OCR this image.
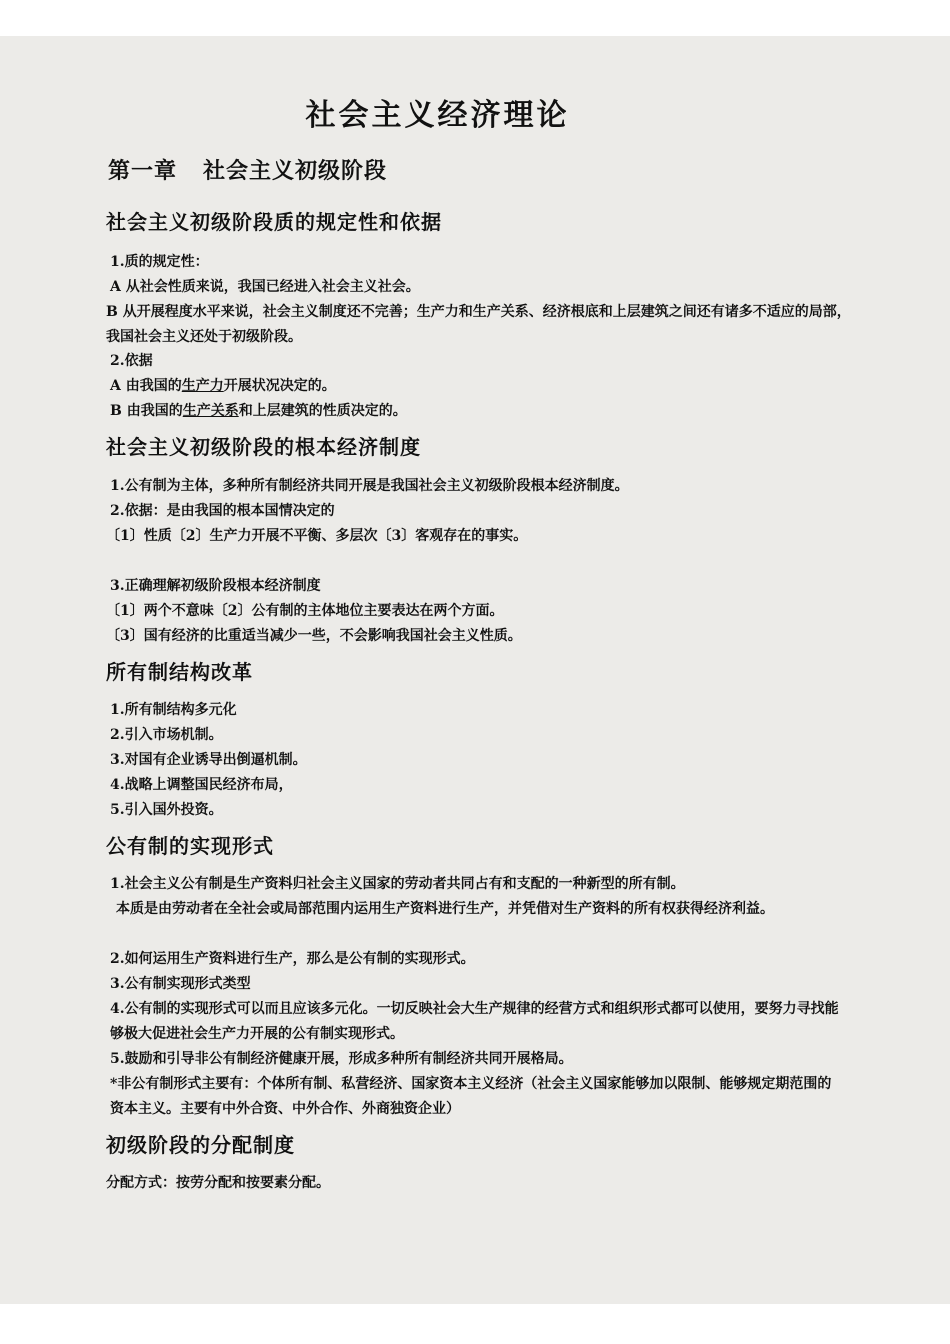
社会主义经济理论
第一章 社会主义初级阶段
社会主义初级阶段质的规定性和依据
1.质的规定性：
A 从社会性质来说，我国已经进入社会主义社会。
B 从开展程度水平来说，社会主义制度还不完善；生产力和生产关系、经济根底和上层建筑之间还有诸多不适应的局部，我国社会主义还处于初级阶段。
2.依据
A 由我国的生产力开展状况决定的。
B 由我国的生产关系和上层建筑的性质决定的。
社会主义初级阶段的根本经济制度
1.公有制为主体，多种所有制经济共同开展是我国社会主义初级阶段根本经济制度。
2.依据：是由我国的根本国情决定的
〔1〕性质〔2〕生产力开展不平衡、多层次〔3〕客观存在的事实。
3.正确理解初级阶段根本经济制度
〔1〕两个不意味〔2〕公有制的主体地位主要表达在两个方面。
〔3〕国有经济的比重适当减少一些，不会影响我国社会主义性质。
所有制结构改革
1.所有制结构多元化
2.引入市场机制。
3.对国有企业诱导出倒逼机制。
4.战略上调整国民经济布局，
5.引入国外投资。
公有制的实现形式
1.社会主义公有制是生产资料归社会主义国家的劳动者共同占有和支配的一种新型的所有制。
本质是由劳动者在全社会或局部范围内运用生产资料进行生产，并凭借对生产资料的所有权获得经济利益。
2.如何运用生产资料进行生产，那么是公有制的实现形式。
3.公有制实现形式类型
4.公有制的实现形式可以而且应该多元化。一切反映社会大生产规律的经营方式和组织形式都可以使用，要努力寻找能够极大促进社会生产力开展的公有制实现形式。
5.鼓励和引导非公有制经济健康开展，形成多种所有制经济共同开展格局。
*非公有制形式主要有：个体所有制、私营经济、国家资本主义经济（社会主义国家能够加以限制、能够规定期范围的资本主义。主要有中外合资、中外合作、外商独资企业）
初级阶段的分配制度
分配方式：按劳分配和按要素分配。
